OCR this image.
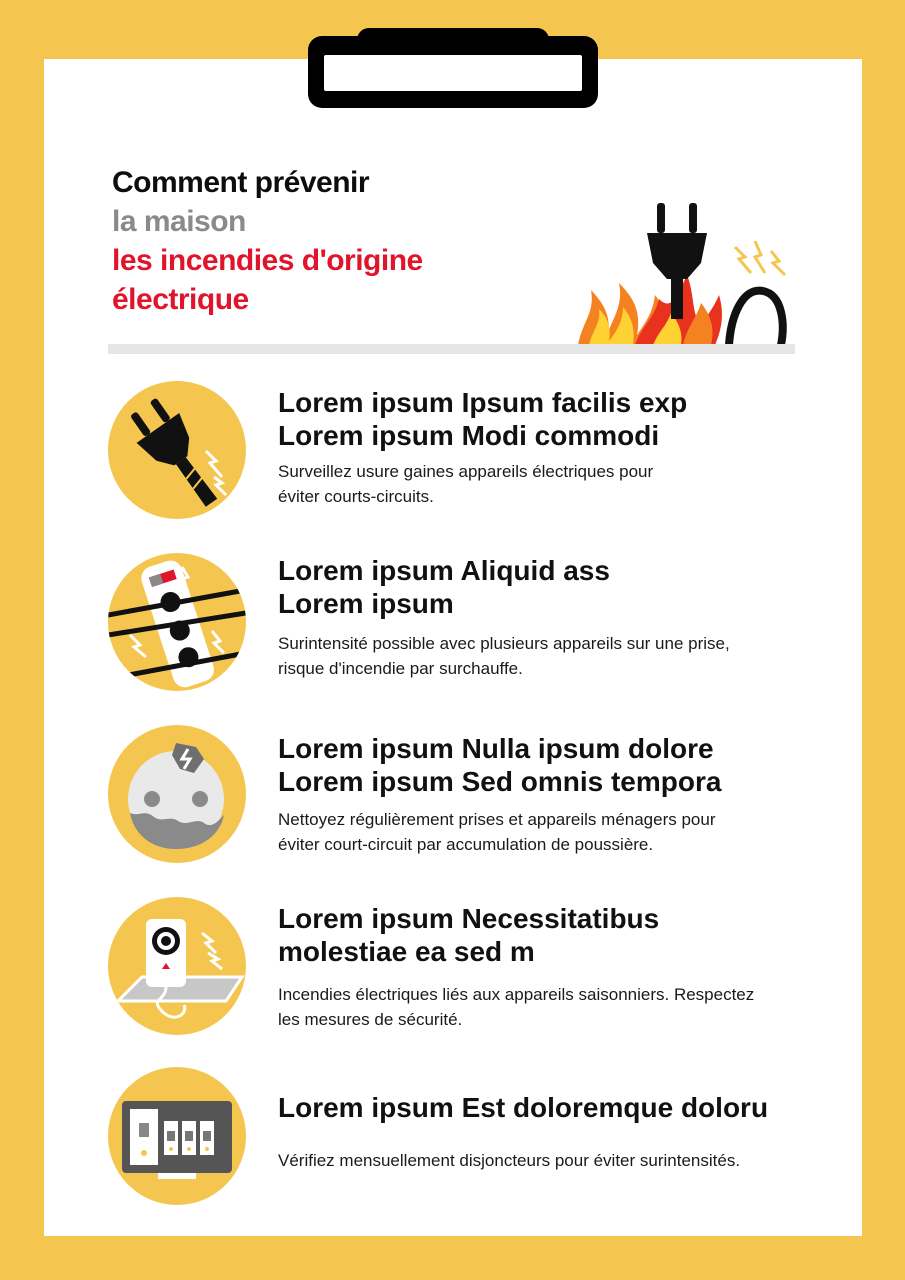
Comment prévenir
la maison
les incendies d'origine
électrique
Lorem ipsum Ipsum facilis exp
Lorem ipsum Modi commodi
Surveillez usure gaines appareils électriques pour
éviter courts-circuits.
Lorem ipsum Aliquid ass
Lorem ipsum
Surintensité possible avec plusieurs appareils sur une prise,
risque d'incendie par surchauffe.
Lorem ipsum Nulla ipsum dolore
Lorem ipsum Sed omnis tempora
Nettoyez régulièrement prises et appareils ménagers pour
éviter court-circuit par accumulation de poussière.
Lorem ipsum Necessitatibus
molestiae ea sed m
Incendies électriques liés aux appareils saisonniers. Respectez
les mesures de sécurité.
Lorem ipsum Est doloremque doloru
Vérifiez mensuellement disjoncteurs pour éviter surintensités.
